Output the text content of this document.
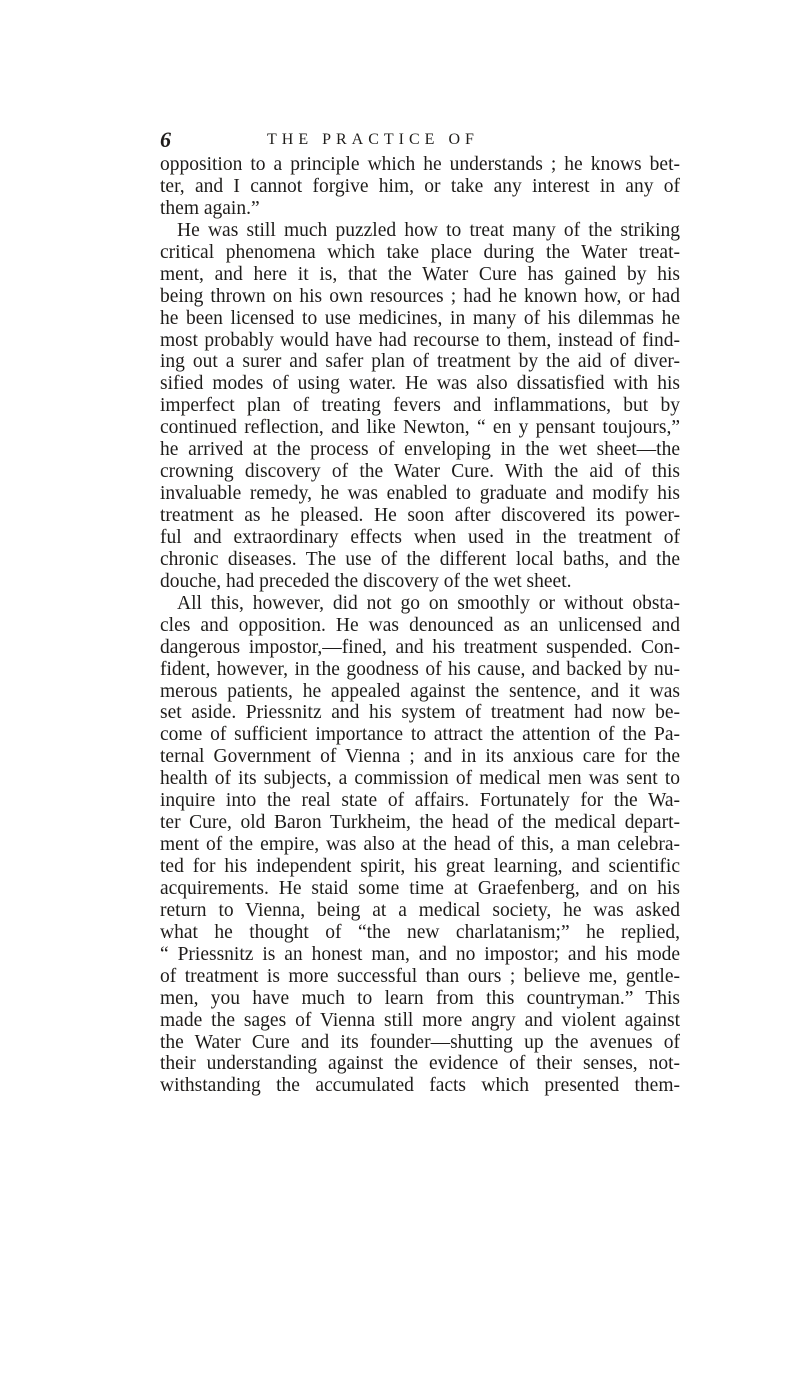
6	THE PRACTICE OF
opposition to a principle which he understands ; he knows bet-
ter, and I cannot forgive him, or take any interest in any of
them again.”
He was still much puzzled how to treat many of the striking
critical phenomena which take place during the Water treat-
ment, and here it is, that the Water Cure has gained by his
being thrown on his own resources ; had he known how, or had
he been licensed to use medicines, in many of his dilemmas he
most probably would have had recourse to them, instead of find-
ing out a surer and safer plan of treatment by the aid of diver-
sified modes of using water. He was also dissatisfied with his
imperfect plan of treating fevers and inflammations, but by
continued reflection, and like Newton, “ en y pensant toujours,”
he arrived at the process of enveloping in the wet sheet—the
crowning discovery of the Water Cure. With the aid of this
invaluable remedy, he was enabled to graduate and modify his
treatment as he pleased. He soon after discovered its power-
ful and extraordinary effects when used in the treatment of
chronic diseases. The use of the different local baths, and the
douche, had preceded the discovery of the wet sheet.
All this, however, did not go on smoothly or without obsta-
cles and opposition. He was denounced as an unlicensed and
dangerous impostor,—fined, and his treatment suspended. Con-
fident, however, in the goodness of his cause, and backed by nu-
merous patients, he appealed against the sentence, and it was
set aside. Priessnitz and his system of treatment had now be-
come of sufficient importance to attract the attention of the Pa-
ternal Government of Vienna ; and in its anxious care for the
health of its subjects, a commission of medical men was sent to
inquire into the real state of affairs. Fortunately for the Wa-
ter Cure, old Baron Turkheim, the head of the medical depart-
ment of the empire, was also at the head of this, a man celebra-
ted for his independent spirit, his great learning, and scientific
acquirements. He staid some time at Graefenberg, and on his
return to Vienna, being at a medical society, he was asked
what he thought of “the new charlatanism;” he replied,
“ Priessnitz is an honest man, and no impostor; and his mode
of treatment is more successful than ours ; believe me, gentle-
men, you have much to learn from this countryman.” This
made the sages of Vienna still more angry and violent against
the Water Cure and its founder—shutting up the avenues of
their understanding against the evidence of their senses, not-
withstanding the accumulated facts which presented them-
